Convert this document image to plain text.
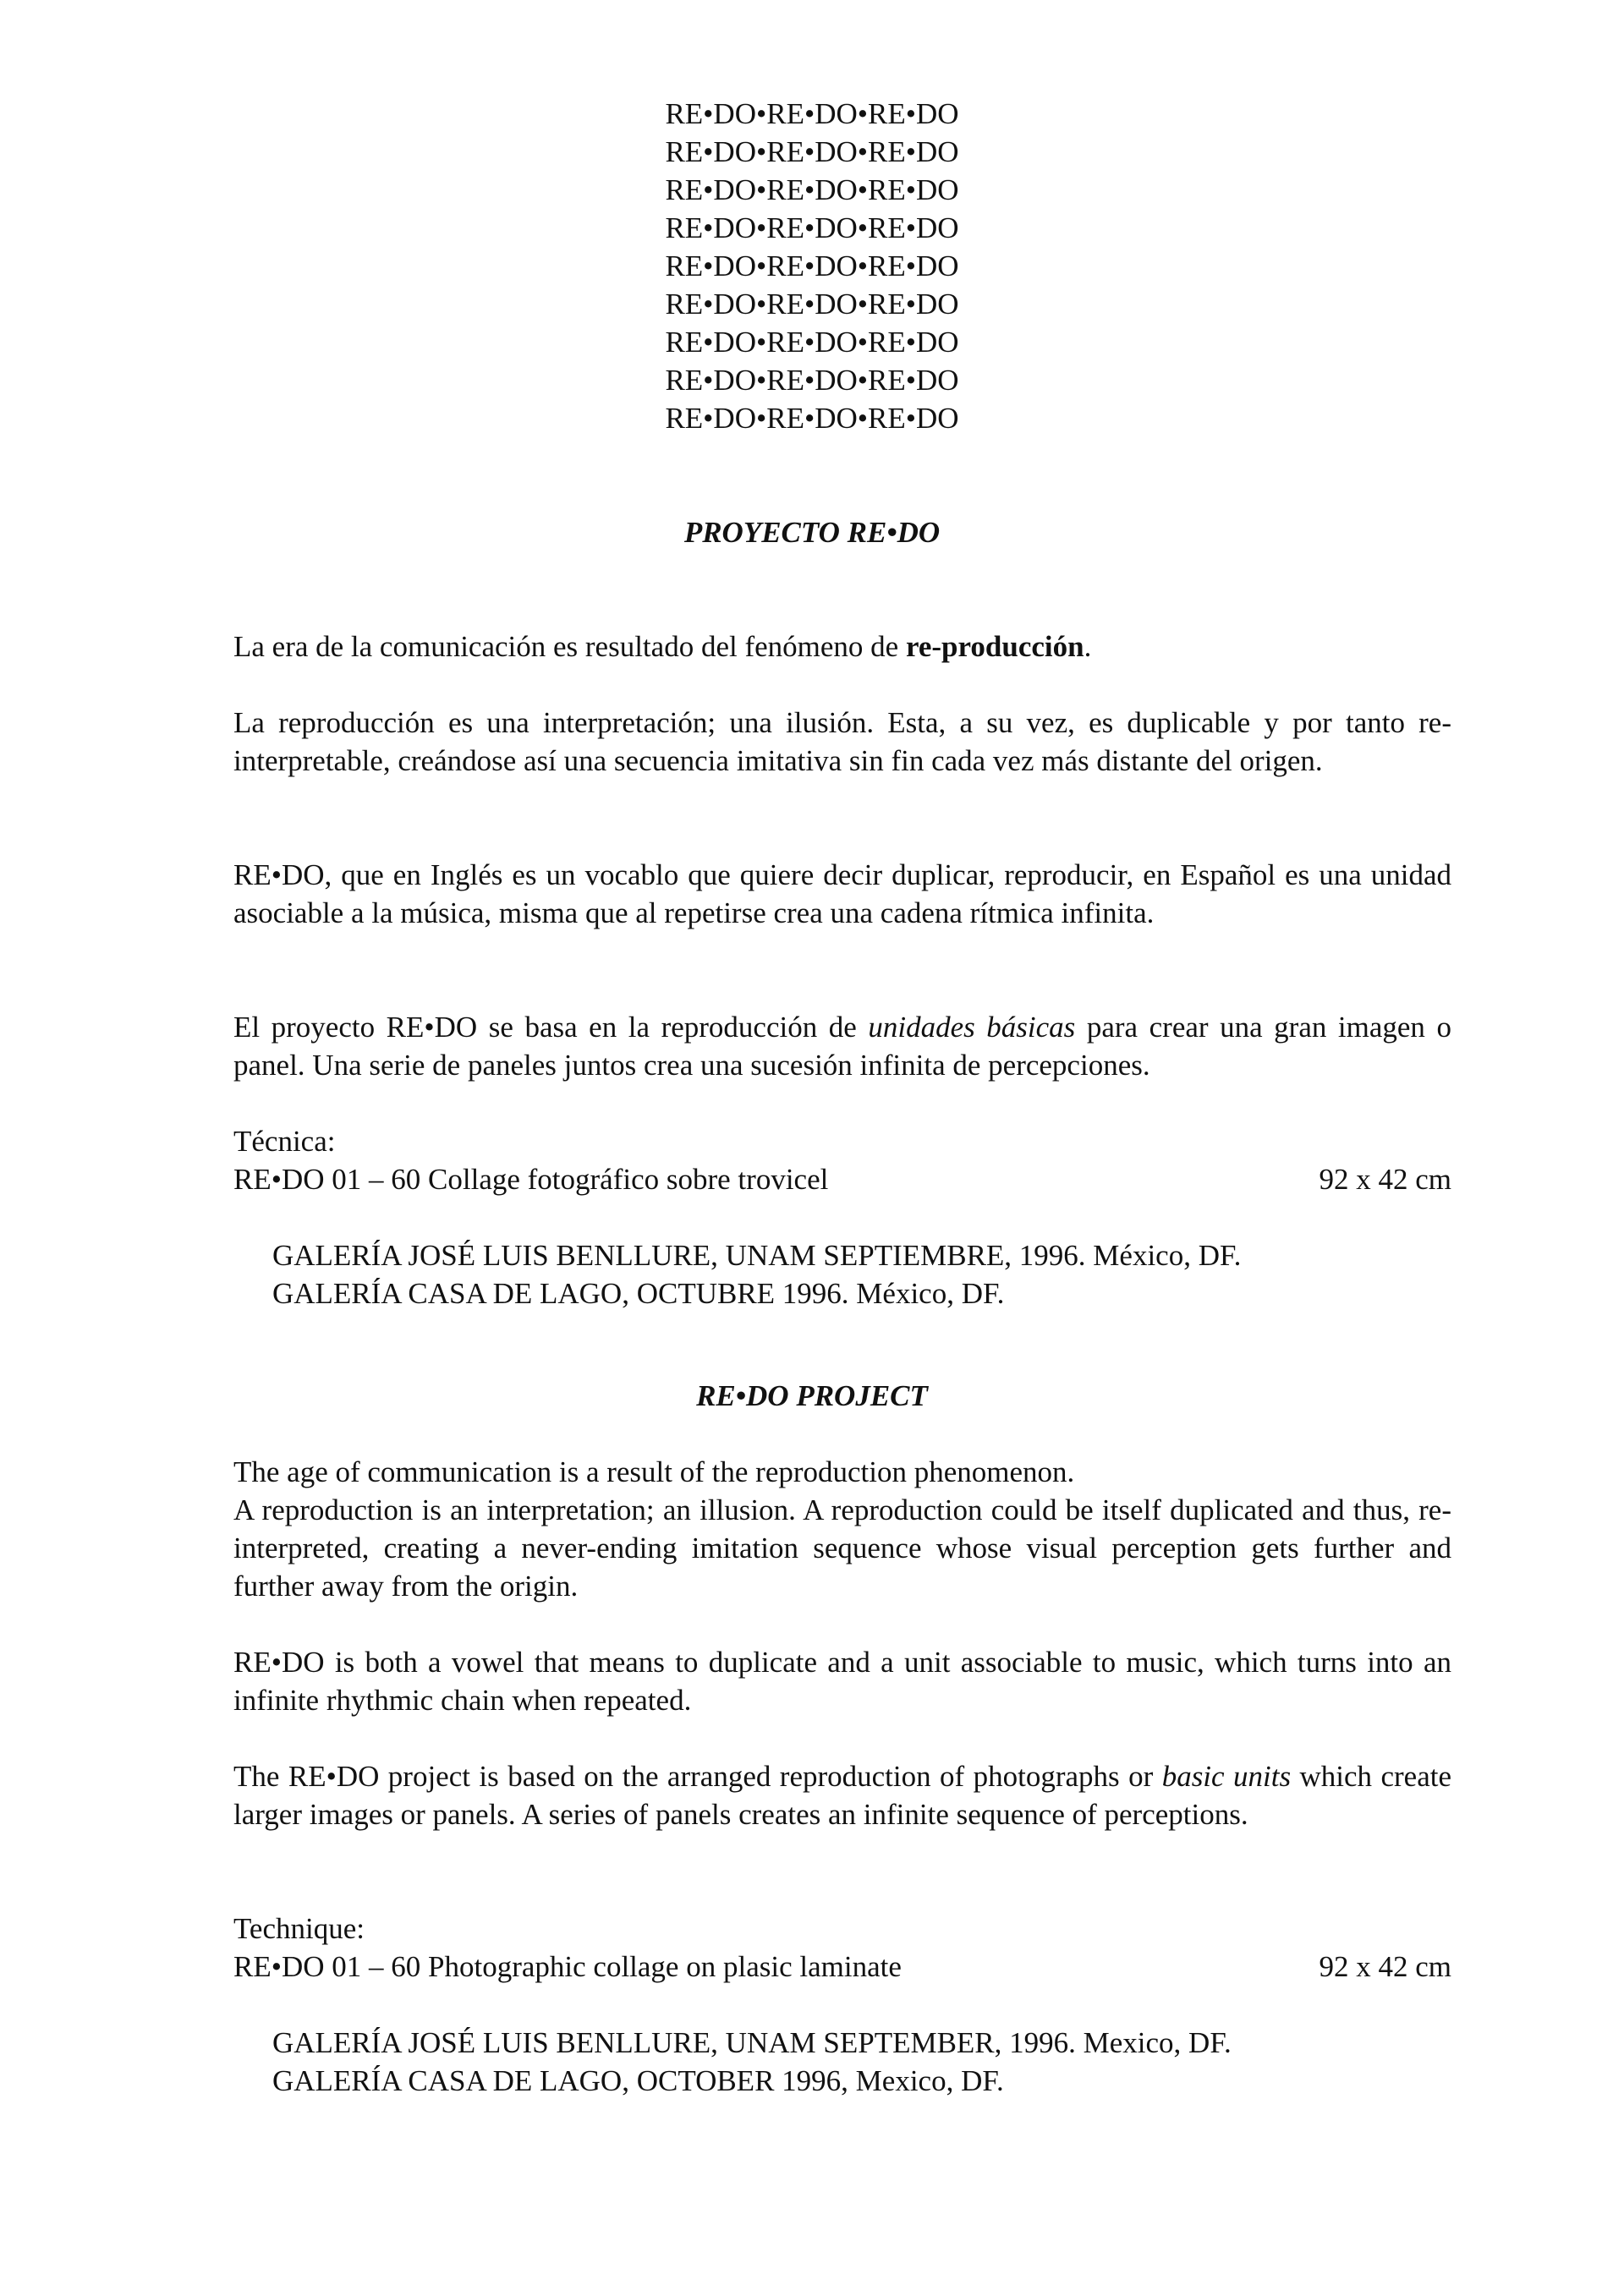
RE•DO•RE•DO•RE•DO
RE•DO•RE•DO•RE•DO
RE•DO•RE•DO•RE•DO
RE•DO•RE•DO•RE•DO
RE•DO•RE•DO•RE•DO
RE•DO•RE•DO•RE•DO
RE•DO•RE•DO•RE•DO
RE•DO•RE•DO•RE•DO
RE•DO•RE•DO•RE•DO
PROYECTO RE•DO

La era de la comunicación es resultado del fenómeno de re-producción.

La reproducción es una interpretación; una ilusión. Esta, a su vez, es duplicable y por tanto re-interpretable, creándose así una secuencia imitativa sin fin cada vez más distante del origen.

RE•DO, que en Inglés es un vocablo que quiere decir duplicar, reproducir, en Español es una unidad asociable a la música, misma que al repetirse crea una cadena rítmica infinita.

El proyecto RE•DO se basa en la reproducción de unidades básicas para crear una gran imagen o panel. Una serie de paneles juntos crea una sucesión infinita de percepciones.

Técnica:
RE•DO 01 – 60 Collage fotográfico sobre trovicel	92 x 42 cm
GALERÍA JOSÉ LUIS BENLLURE, UNAM SEPTIEMBRE, 1996. México, DF.
GALERÍA CASA DE LAGO, OCTUBRE 1996. México, DF.
RE•DO PROJECT

The age of communication is a result of the reproduction phenomenon.

A reproduction is an interpretation; an illusion. A reproduction could be itself duplicated and thus, re-interpreted, creating a never-ending imitation sequence whose visual perception gets further and further away from the origin.

RE•DO is both a vowel that means to duplicate and a unit associable to music, which turns into an infinite rhythmic chain when repeated.

The RE•DO project is based on the arranged reproduction of photographs or basic units which create larger images or panels. A series of panels creates an infinite sequence of perceptions.

Technique:
RE•DO 01 – 60 Photographic collage on plasic laminate	92 x 42 cm
GALERÍA JOSÉ LUIS BENLLURE, UNAM SEPTEMBER, 1996. Mexico, DF.
GALERÍA CASA DE LAGO, OCTOBER 1996, Mexico, DF.
